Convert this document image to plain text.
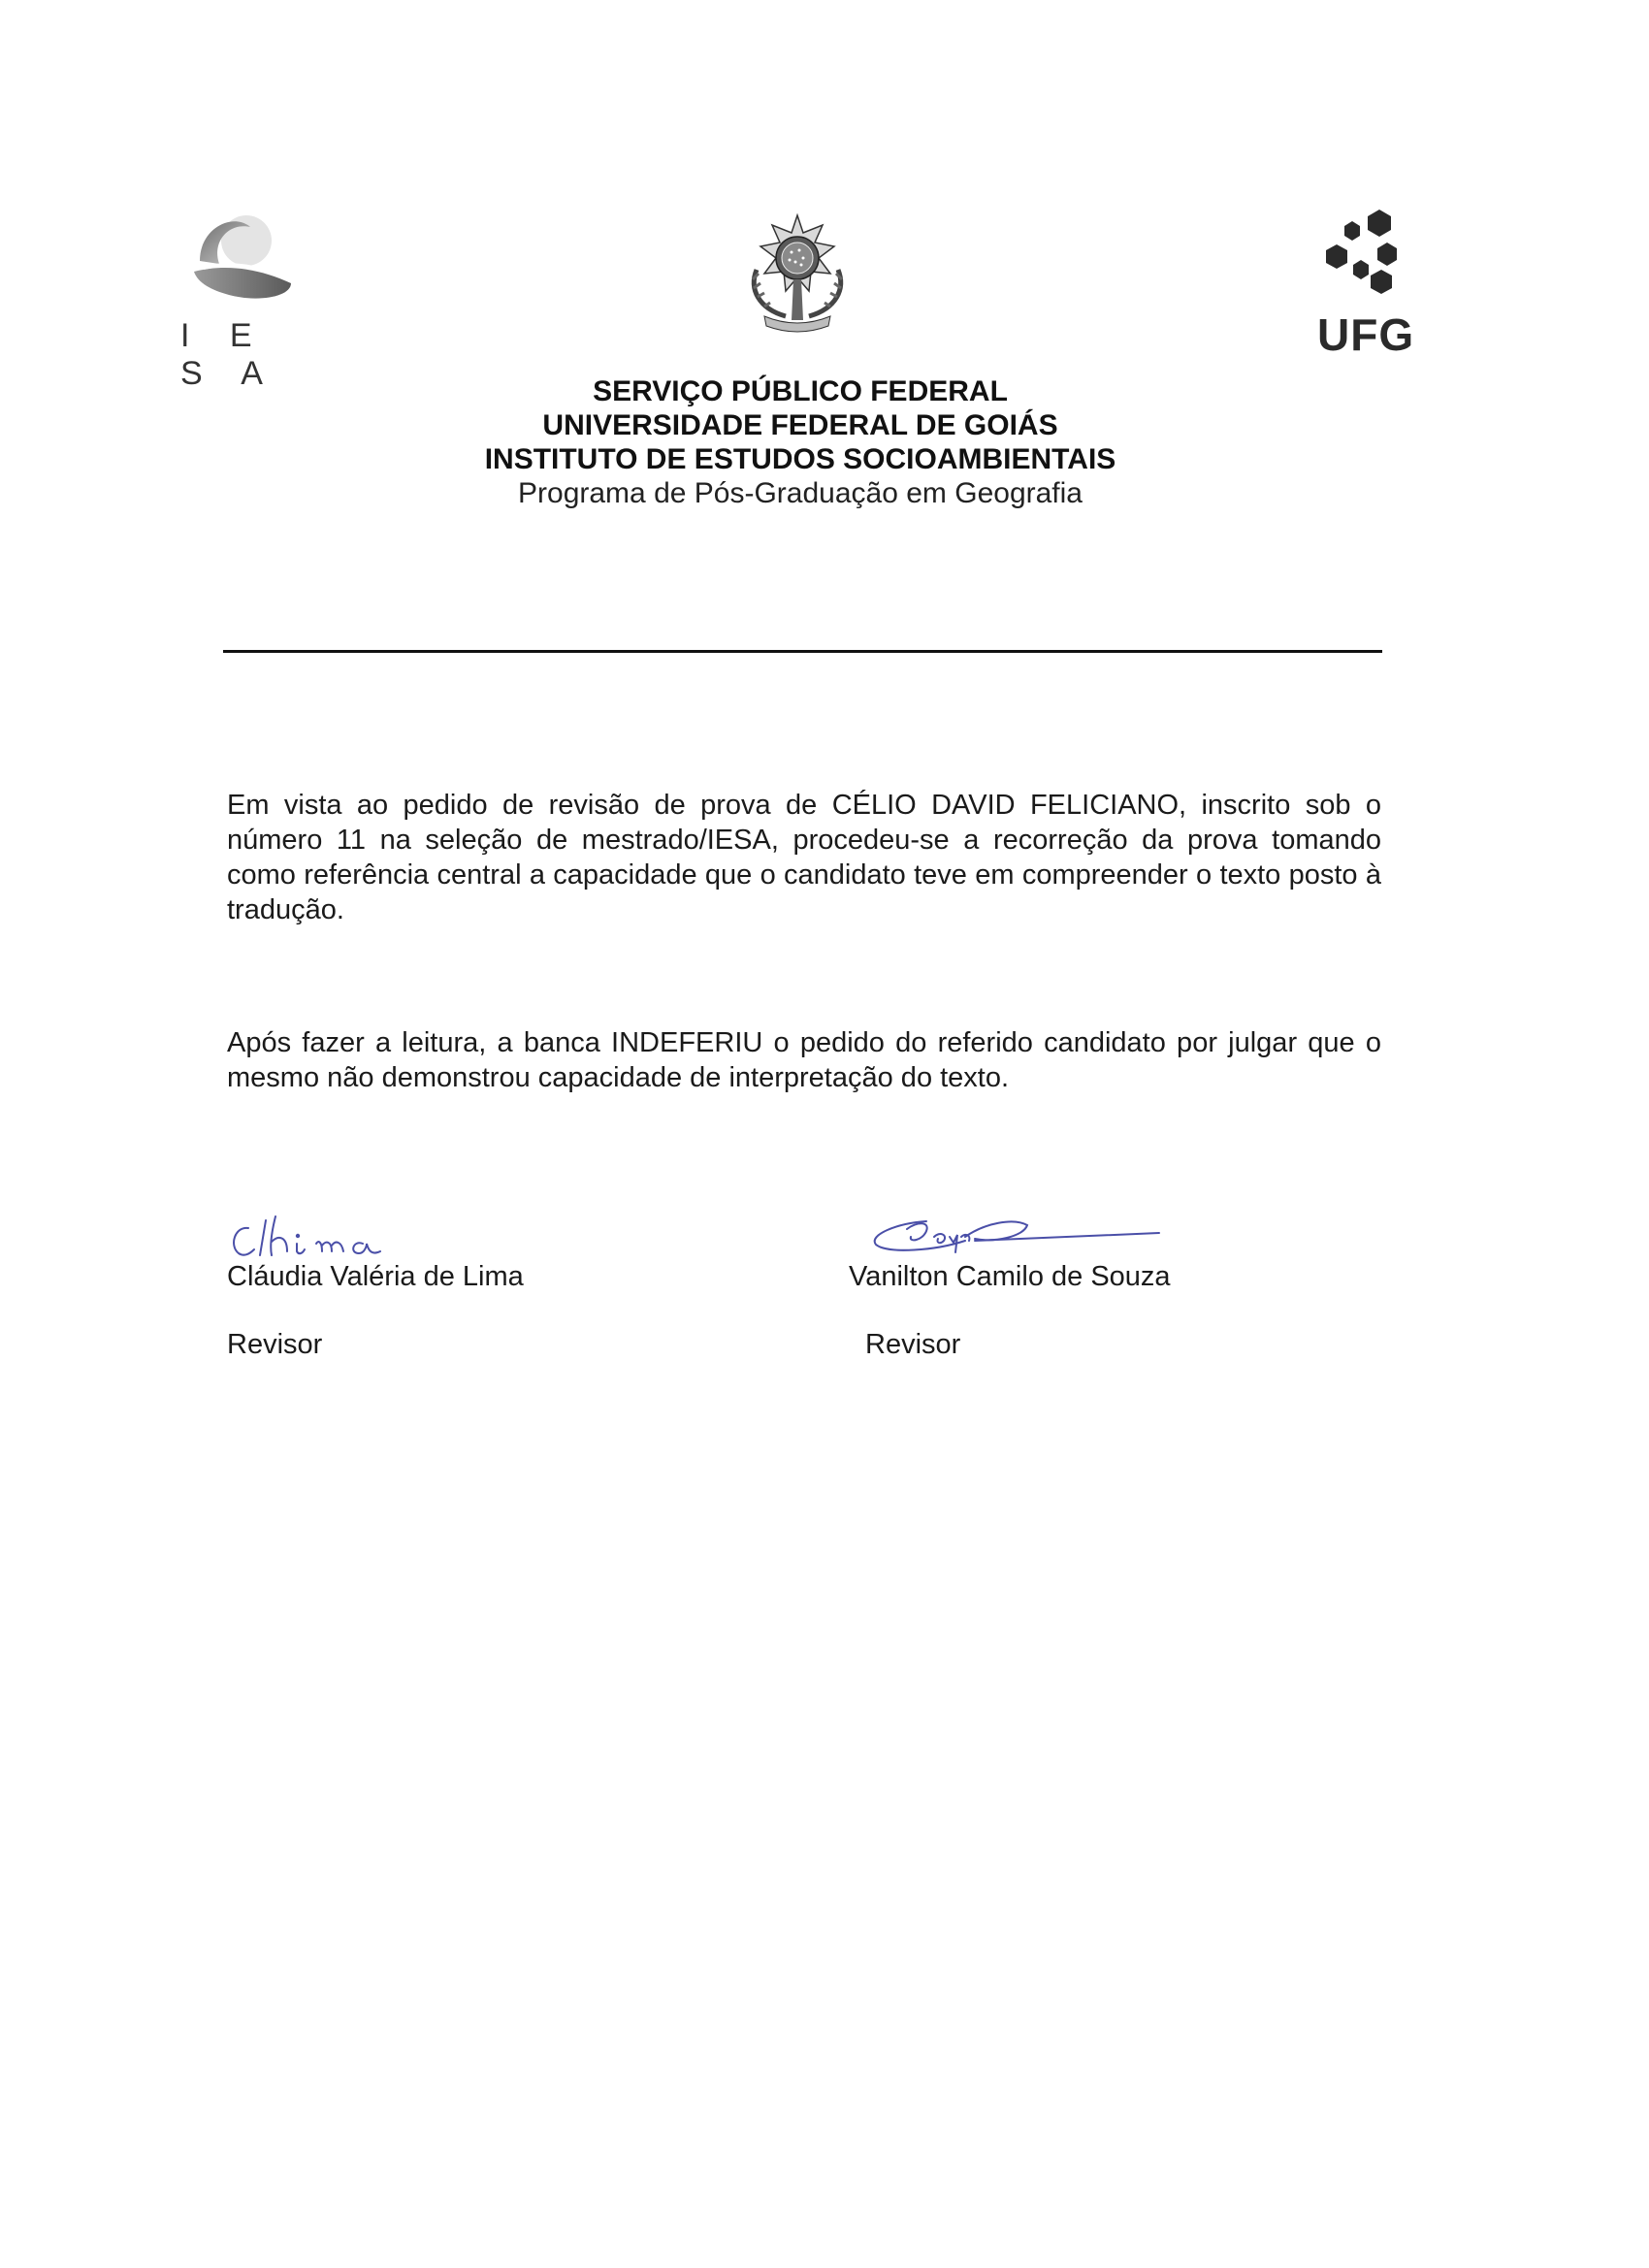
I E S A
UFG
SERVIÇO PÚBLICO FEDERAL
UNIVERSIDADE FEDERAL DE GOIÁS
INSTITUTO DE ESTUDOS SOCIOAMBIENTAIS
Programa de Pós-Graduação em Geografia
Em vista ao pedido de revisão de prova de CÉLIO DAVID FELICIANO, inscrito sob o número 11 na seleção de mestrado/IESA, procedeu-se a recorreção da prova tomando como referência central a capacidade que o candidato teve em compreender o texto posto à tradução.
Após fazer a leitura, a banca INDEFERIU o pedido do referido candidato por julgar que o mesmo não demonstrou capacidade de interpretação do texto.
Cláudia Valéria de Lima
Revisor
Vanilton Camilo de Souza
Revisor
